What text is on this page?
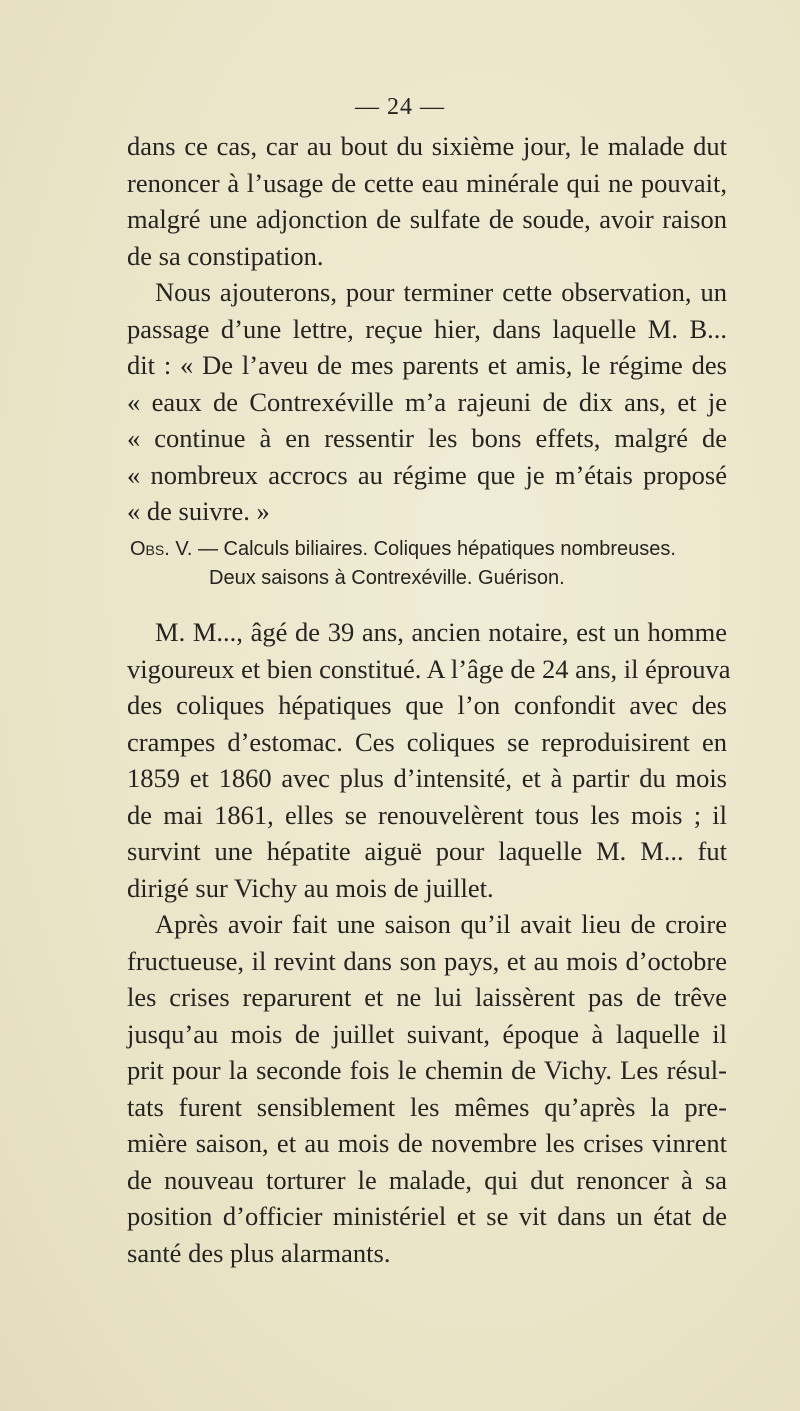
— 24 —
dans ce cas, car au bout du sixième jour, le malade dut
renoncer à l’usage de cette eau minérale qui ne pouvait,
malgré une adjonction de sulfate de soude, avoir raison
de sa constipation.
Nous ajouterons, pour terminer cette observation, un
passage d’une lettre, reçue hier, dans laquelle M. B...
dit : « De l’aveu de mes parents et amis, le régime des
« eaux de Contrexéville m’a rajeuni de dix ans, et je
« continue à en ressentir les bons effets, malgré de
« nombreux accrocs au régime que je m’étais proposé
« de suivre. »
Obs. V. — Calculs biliaires. Coliques hépatiques nombreuses.
Deux saisons à Contrexéville. Guérison.
M. M..., âgé de 39 ans, ancien notaire, est un homme
vigoureux et bien constitué. A l’âge de 24 ans, il éprouva
des coliques hépatiques que l’on confondit avec des
crampes d’estomac. Ces coliques se reproduisirent en
1859 et 1860 avec plus d’intensité, et à partir du mois
de mai 1861, elles se renouvelèrent tous les mois ; il
survint une hépatite aiguë pour laquelle M. M... fut
dirigé sur Vichy au mois de juillet.
Après avoir fait une saison qu’il avait lieu de croire
fructueuse, il revint dans son pays, et au mois d’octobre
les crises reparurent et ne lui laissèrent pas de trêve
jusqu’au mois de juillet suivant, époque à laquelle il
prit pour la seconde fois le chemin de Vichy. Les résul-
tats furent sensiblement les mêmes qu’après la pre-
mière saison, et au mois de novembre les crises vinrent
de nouveau torturer le malade, qui dut renoncer à sa
position d’officier ministériel et se vit dans un état de
santé des plus alarmants.
